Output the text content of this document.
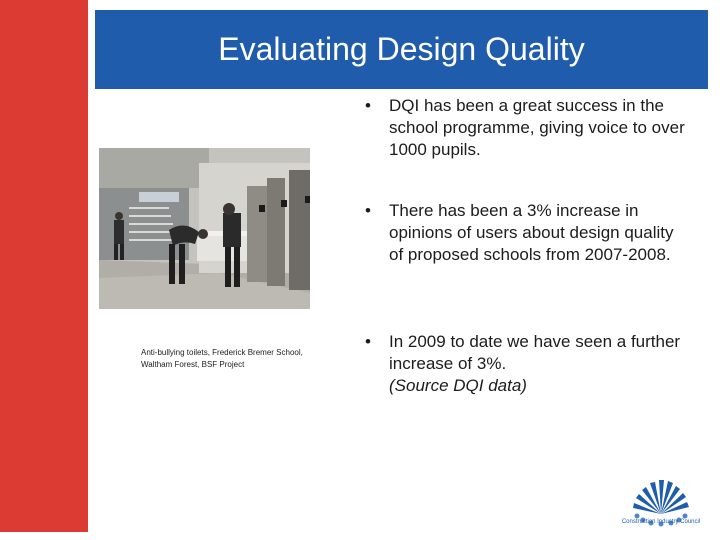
Evaluating Design Quality
Anti-bullying toilets, Frederick Bremer School, Waltham Forest, BSF Project
• DQI has been a great success in the school programme, giving voice to over 1000 pupils.
• There has been a 3% increase in opinions of users about design quality of proposed schools from 2007-2008.
• In 2009 to date we have seen a further increase of 3%.
(Source DQI data)
Construction Industry Council
